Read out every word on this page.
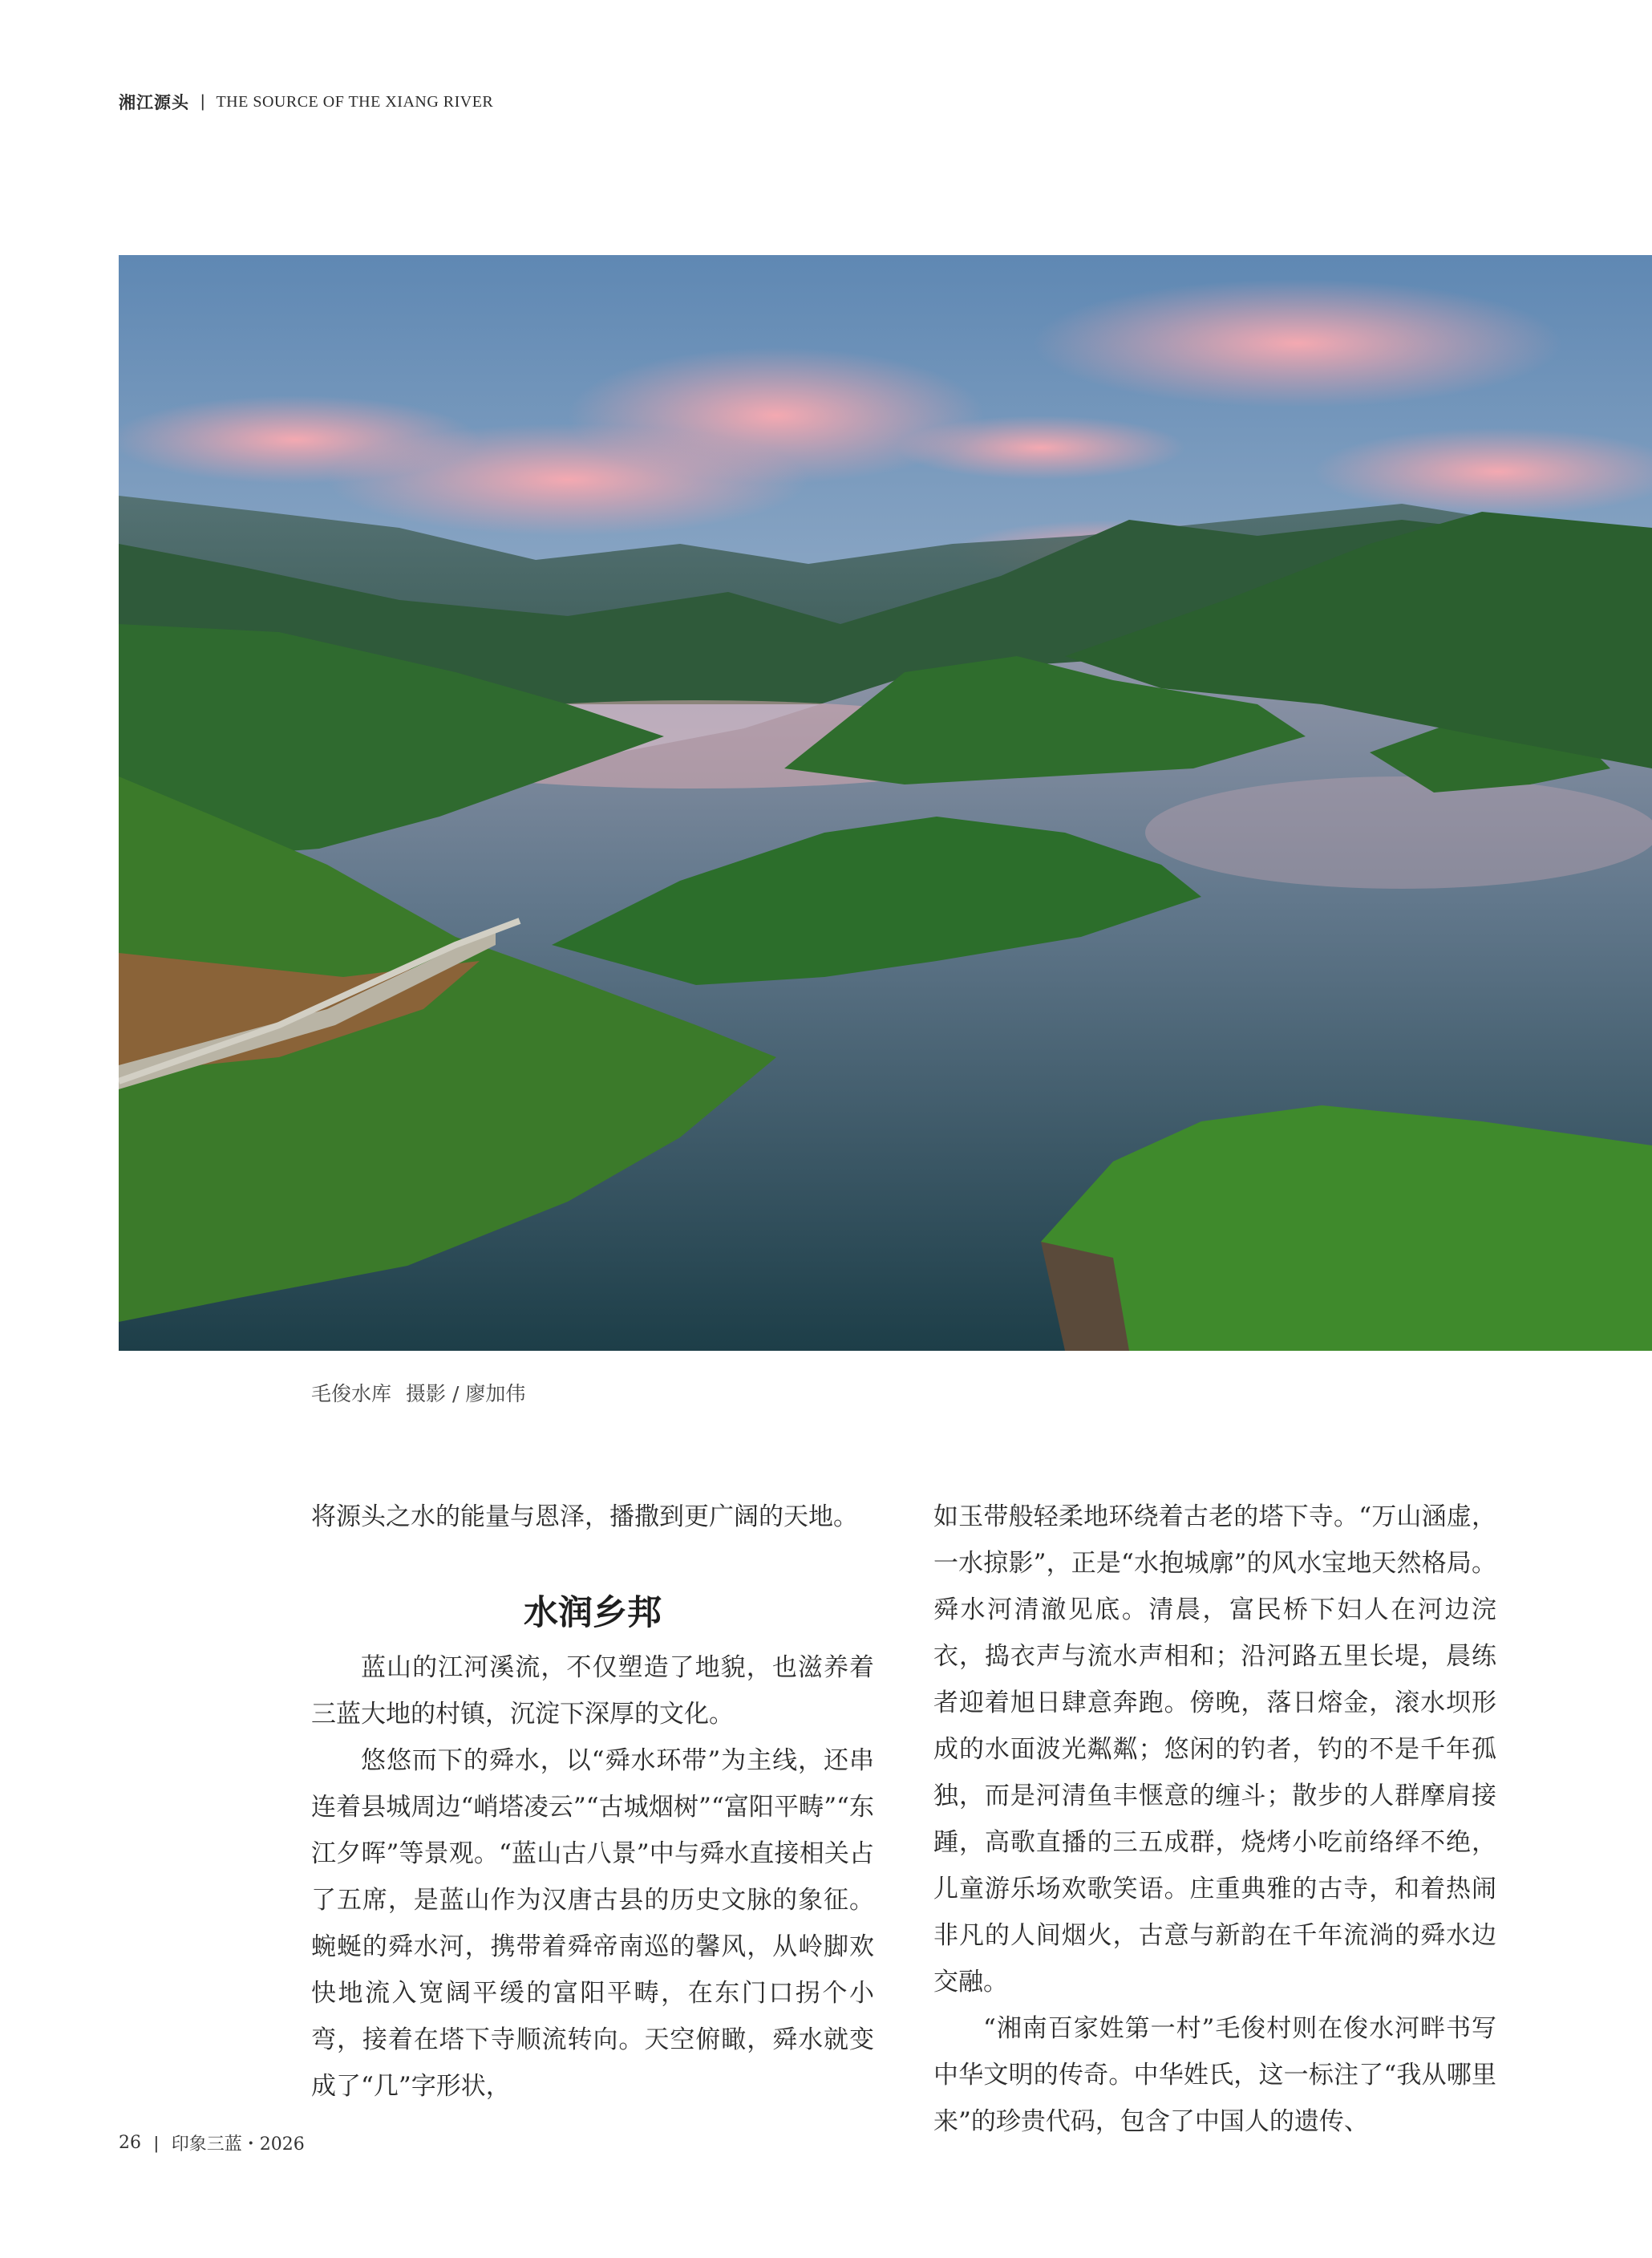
湘江源头 | THE SOURCE OF THE XIANG RIVER
毛俊水库 摄影 / 廖加伟

将源头之水的能量与恩泽，播撒到更广阔的天地。

水润乡邦

蓝山的江河溪流，不仅塑造了地貌，也滋养着三蓝大地的村镇，沉淀下深厚的文化。

悠悠而下的舜水，以“舜水环带”为主线，还串连着县城周边“峭塔凌云”“古城烟树”“富阳平畴”“东江夕晖”等景观。“蓝山古八景”中与舜水直接相关占了五席，是蓝山作为汉唐古县的历史文脉的象征。蜿蜒的舜水河，携带着舜帝南巡的馨风，从岭脚欢快地流入宽阔平缓的富阳平畴，在东门口拐个小弯，接着在塔下寺顺流转向。天空俯瞰，舜水就变成了“几”字形状，

如玉带般轻柔地环绕着古老的塔下寺。“万山涵虚，一水掠影”，正是“水抱城廓”的风水宝地天然格局。舜水河清澈见底。清晨，富民桥下妇人在河边浣衣，捣衣声与流水声相和；沿河路五里长堤，晨练者迎着旭日肆意奔跑。傍晚，落日熔金，滚水坝形成的水面波光粼粼；悠闲的钓者，钓的不是千年孤独，而是河清鱼丰惬意的缠斗；散步的人群摩肩接踵，高歌直播的三五成群，烧烤小吃前络绎不绝，儿童游乐场欢歌笑语。庄重典雅的古寺，和着热闹非凡的人间烟火，古意与新韵在千年流淌的舜水边交融。

“湘南百家姓第一村”毛俊村则在俊水河畔书写中华文明的传奇。中华姓氏，这一标注了“我从哪里来”的珍贵代码，包含了中国人的遗传、

26 | 印象三蓝・2026
